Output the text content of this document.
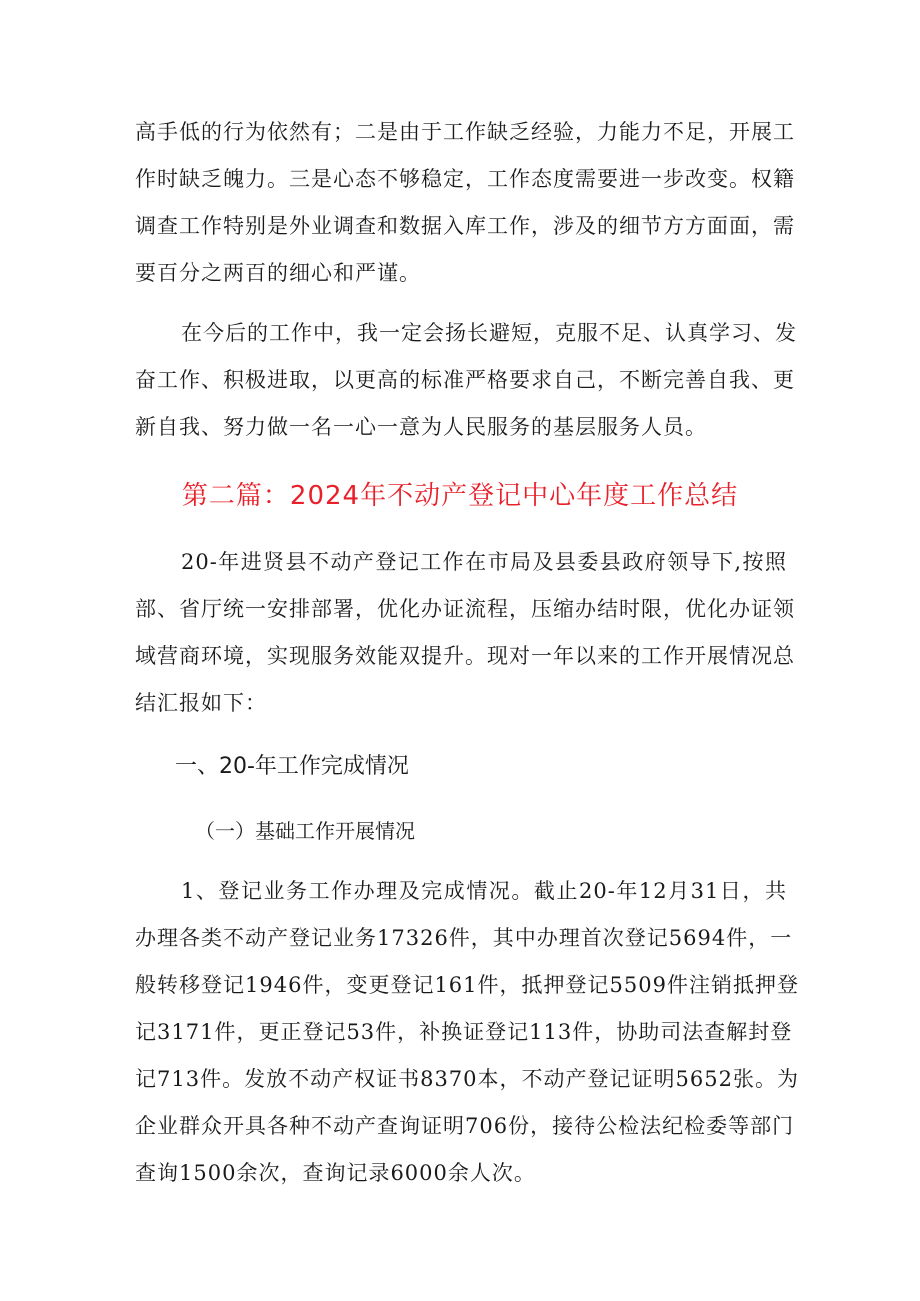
高手低的行为依然有；二是由于工作缺乏经验，力能力不足，开展工
作时缺乏魄力。三是心态不够稳定，工作态度需要进一步改变。权籍
调查工作特别是外业调查和数据入库工作，涉及的细节方方面面，需
要百分之两百的细心和严谨。
在今后的工作中，我一定会扬长避短，克服不足、认真学习、发
奋工作、积极进取，以更高的标准严格要求自己，不断完善自我、更
新自我、努力做一名一心一意为人民服务的基层服务人员。
第二篇：2024年不动产登记中心年度工作总结
20-年进贤县不动产登记工作在市局及县委县政府领导下,按照
部、省厅统一安排部署，优化办证流程，压缩办结时限，优化办证领
域营商环境，实现服务效能双提升。现对一年以来的工作开展情况总
结汇报如下：
一、20-年工作完成情况
（一）基础工作开展情况
1、登记业务工作办理及完成情况。截止20-年12月31日，共
办理各类不动产登记业务17326件，其中办理首次登记5694件，一
般转移登记1946件，变更登记161件，抵押登记5509件注销抵押登
记3171件，更正登记53件，补换证登记113件，协助司法查解封登
记713件。发放不动产权证书8370本，不动产登记证明5652张。为
企业群众开具各种不动产查询证明706份，接待公检法纪检委等部门
查询1500余次，查询记录6000余人次。
